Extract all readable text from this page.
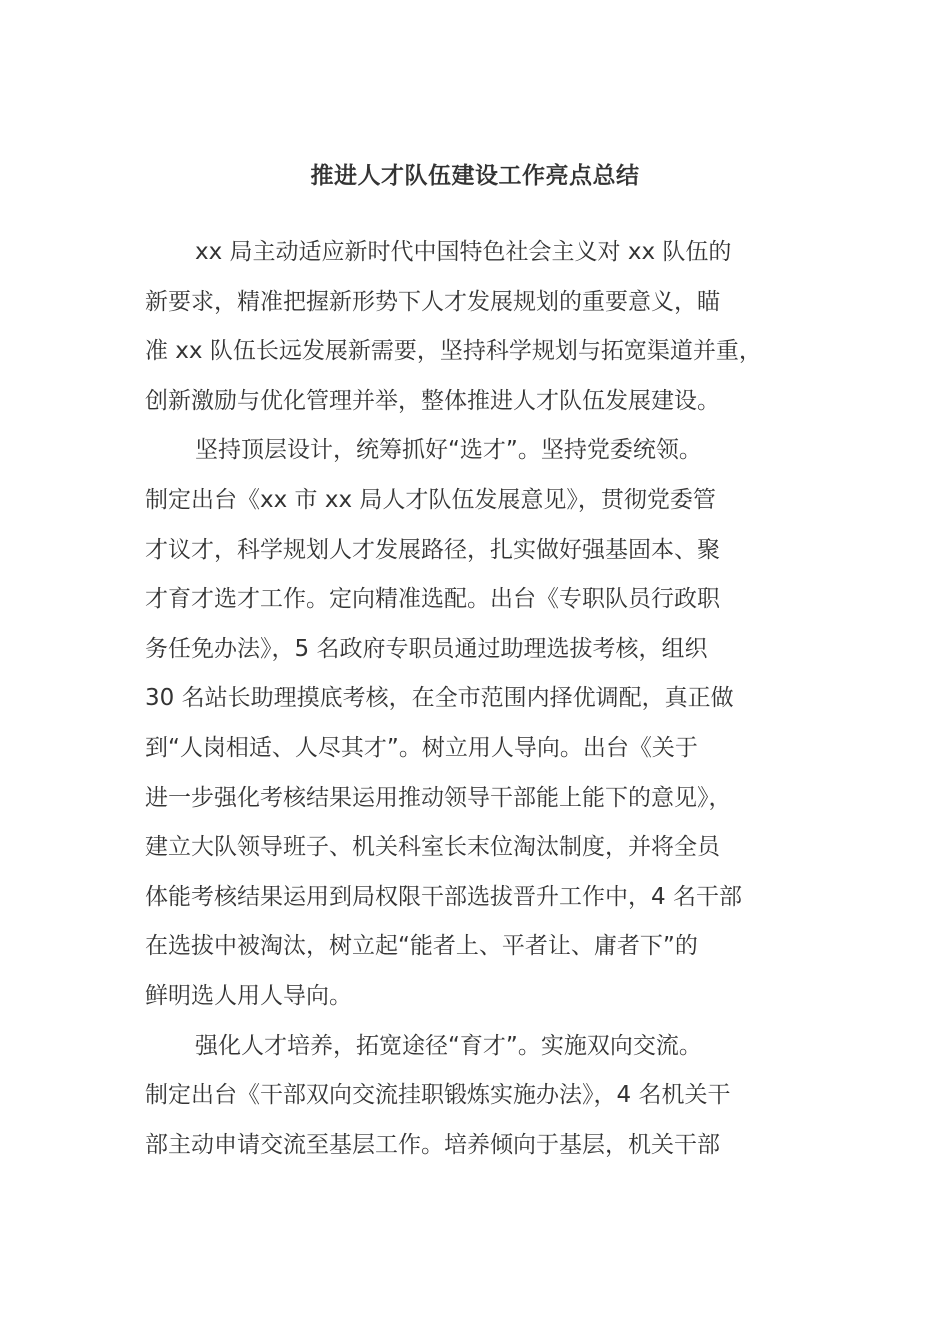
推进人才队伍建设工作亮点总结
xx 局主动适应新时代中国特色社会主义对 xx 队伍的
新要求，精准把握新形势下人才发展规划的重要意义，瞄
准 xx 队伍长远发展新需要，坚持科学规划与拓宽渠道并重，
创新激励与优化管理并举，整体推进人才队伍发展建设。
坚持顶层设计，统筹抓好“选才”。坚持党委统领。
制定出台《xx 市 xx 局人才队伍发展意见》，贯彻党委管
才议才，科学规划人才发展路径，扎实做好强基固本、聚
才育才选才工作。定向精准选配。出台《专职队员行政职
务任免办法》，5 名政府专职员通过助理选拔考核，组织
30 名站长助理摸底考核，在全市范围内择优调配，真正做
到“人岗相适、人尽其才”。树立用人导向。出台《关于
进一步强化考核结果运用推动领导干部能上能下的意见》，
建立大队领导班子、机关科室长末位淘汰制度，并将全员
体能考核结果运用到局权限干部选拔晋升工作中，4 名干部
在选拔中被淘汰，树立起“能者上、平者让、庸者下”的
鲜明选人用人导向。
强化人才培养，拓宽途径“育才”。实施双向交流。
制定出台《干部双向交流挂职锻炼实施办法》，4 名机关干
部主动申请交流至基层工作。培养倾向于基层，机关干部
